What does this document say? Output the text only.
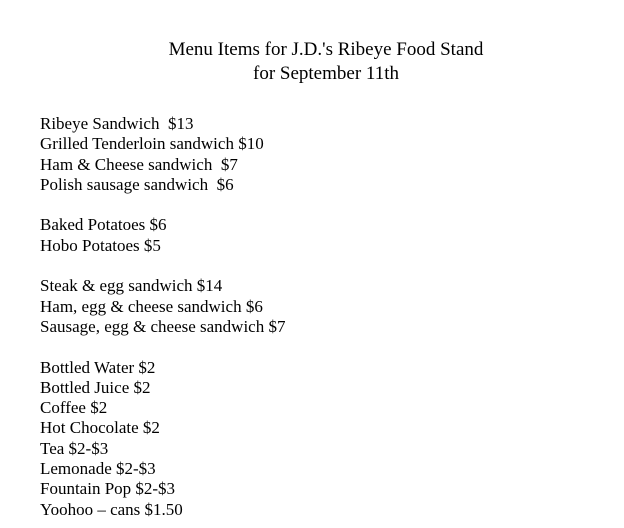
Menu Items for J.D.'s Ribeye Food Stand
for September 11th
Ribeye Sandwich  $13
Grilled Tenderloin sandwich $10
Ham & Cheese sandwich  $7
Polish sausage sandwich  $6
Baked Potatoes $6
Hobo Potatoes $5
Steak & egg sandwich $14
Ham, egg & cheese sandwich $6
Sausage, egg & cheese sandwich $7
Bottled Water $2
Bottled Juice $2
Coffee $2
Hot Chocolate $2
Tea $2-$3
Lemonade $2-$3
Fountain Pop $2-$3
Yoohoo – cans $1.50
